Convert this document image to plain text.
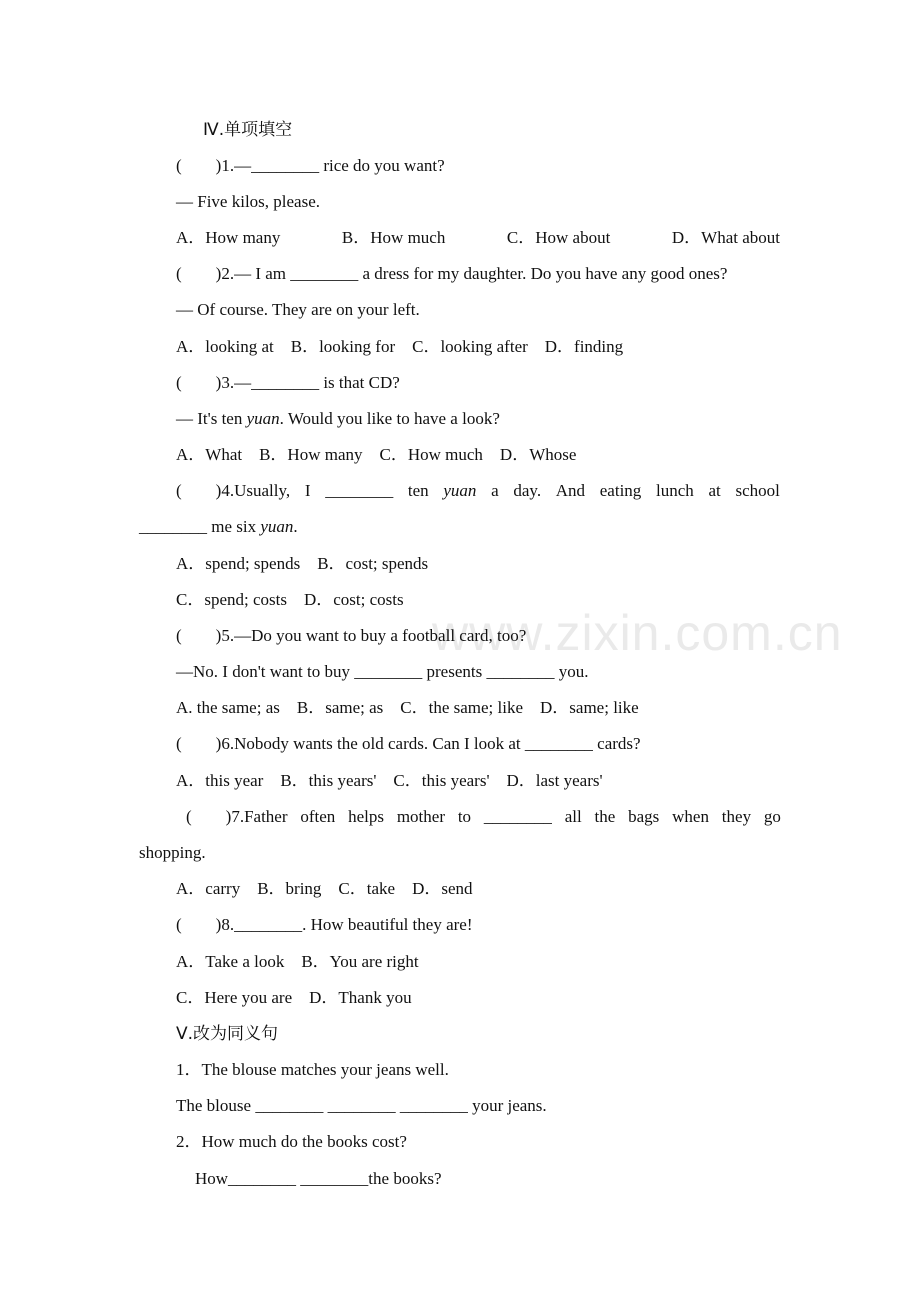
www.zixin.com.cn
Ⅳ.单项填空
(　　)1.—________ rice do you want?
— Five kilos, please.
A．How many	B．How much	C．How about	D．What about
(　　)2.— I am ________ a dress for my daughter. Do you have any good ones?
— Of course. They are on your left.
A．looking at　B．looking for　C．looking after　D．finding
(　　)3.—________ is that CD?
— It's ten yuan. Would you like to have a look?
A．What　B．How many　C．How much　D．Whose
(　　)4.Usually, I ________ ten yuan a day. And eating lunch at school
________ me six yuan.
A．spend; spends　B．cost; spends
C．spend; costs　D．cost; costs
(　　)5.—Do you want to buy a football card, too?
—No. I don't want to buy ________ presents ________ you.
A. the same; as　B．same; as　C．the same; like　D．same; like
(　　)6.Nobody wants the old cards. Can I look at ________ cards?
A．this year　B．this years'　C．this years'　D．last years'
(　　)7.Father often helps mother to ________ all the bags when they go
shopping.
A．carry　B．bring　C．take　D．send
(　　)8.________. How beautiful they are!
A．Take a look　B．You are right
C．Here you are　D．Thank you
Ⅴ.改为同义句
1．The blouse matches your jeans well.
The blouse ________ ________ ________ your jeans.
2．How much do the books cost?
How________ ________the books?
